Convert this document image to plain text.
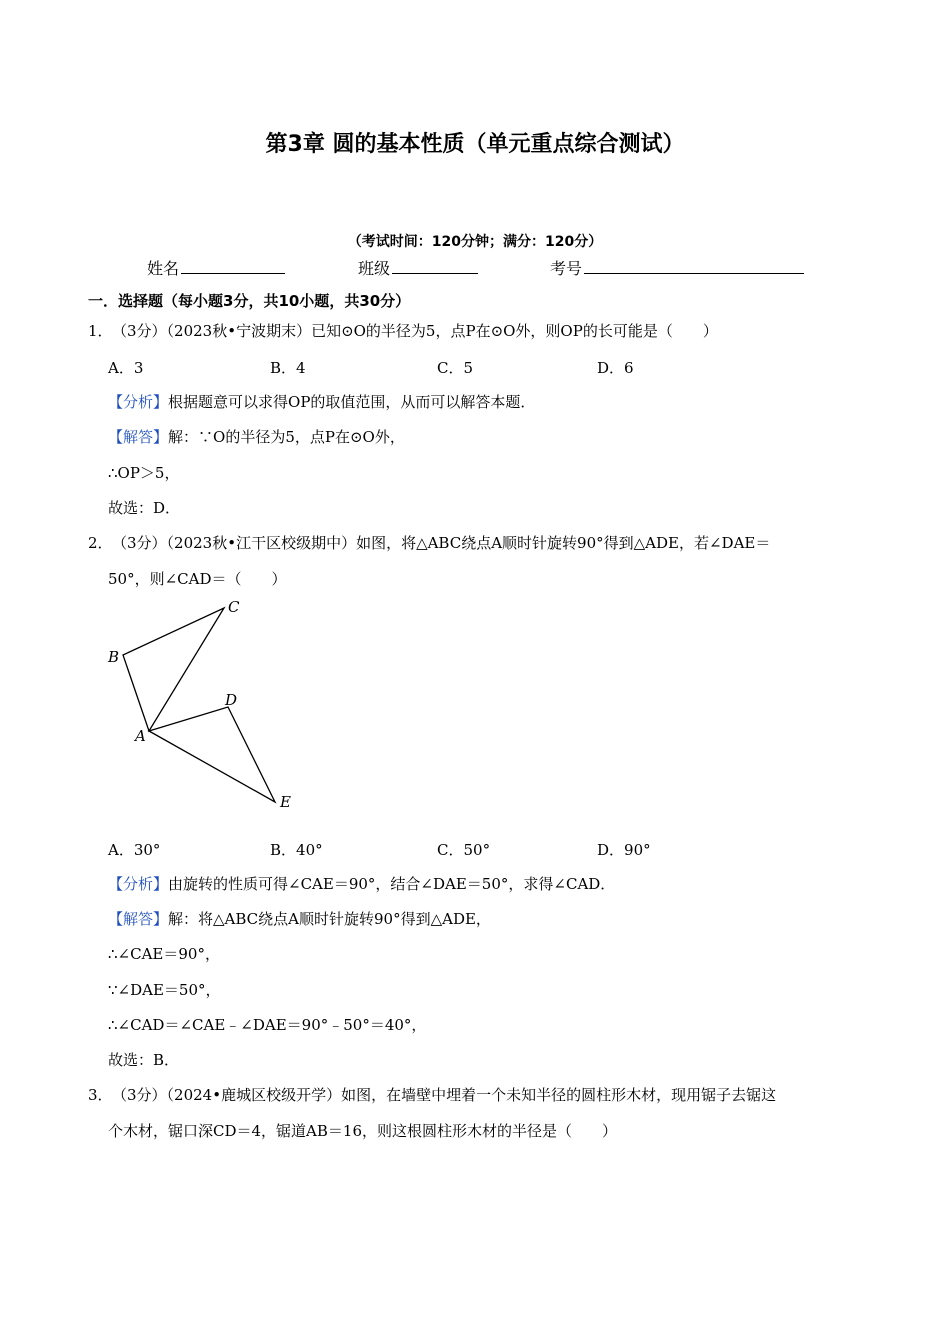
第3章 圆的基本性质（单元重点综合测试）
（考试时间：120分钟；满分：120分）
姓名	班级	考号
一．选择题（每小题3分，共10小题，共30分）
1．（3分）（2023秋•宁波期末）已知⊙O的半径为5，点P在⊙O外，则OP的长可能是（　　）
A．3	B．4	C．5	D．6
【分析】根据题意可以求得OP的取值范围，从而可以解答本题．
【解答】解：∵O的半径为5，点P在⊙O外，
∴OP＞5，
故选：D．
2．（3分）（2023秋•江干区校级期中）如图，将△ABC绕点A顺时针旋转90°得到△ADE，若∠DAE＝
50°，则∠CAD＝（　　）
C
B
D
A
E
A．30°	B．40°	C．50°	D．90°
【分析】由旋转的性质可得∠CAE＝90°，结合∠DAE＝50°，求得∠CAD．
【解答】解：将△ABC绕点A顺时针旋转90°得到△ADE，
∴∠CAE＝90°，
∵∠DAE＝50°，
∴∠CAD＝∠CAE﹣∠DAE＝90°﹣50°＝40°，
故选：B．
3．（3分）（2024•鹿城区校级开学）如图，在墙壁中埋着一个未知半径的圆柱形木材，现用锯子去锯这
个木材，锯口深CD＝4，锯道AB＝16，则这根圆柱形木材的半径是（　　）
